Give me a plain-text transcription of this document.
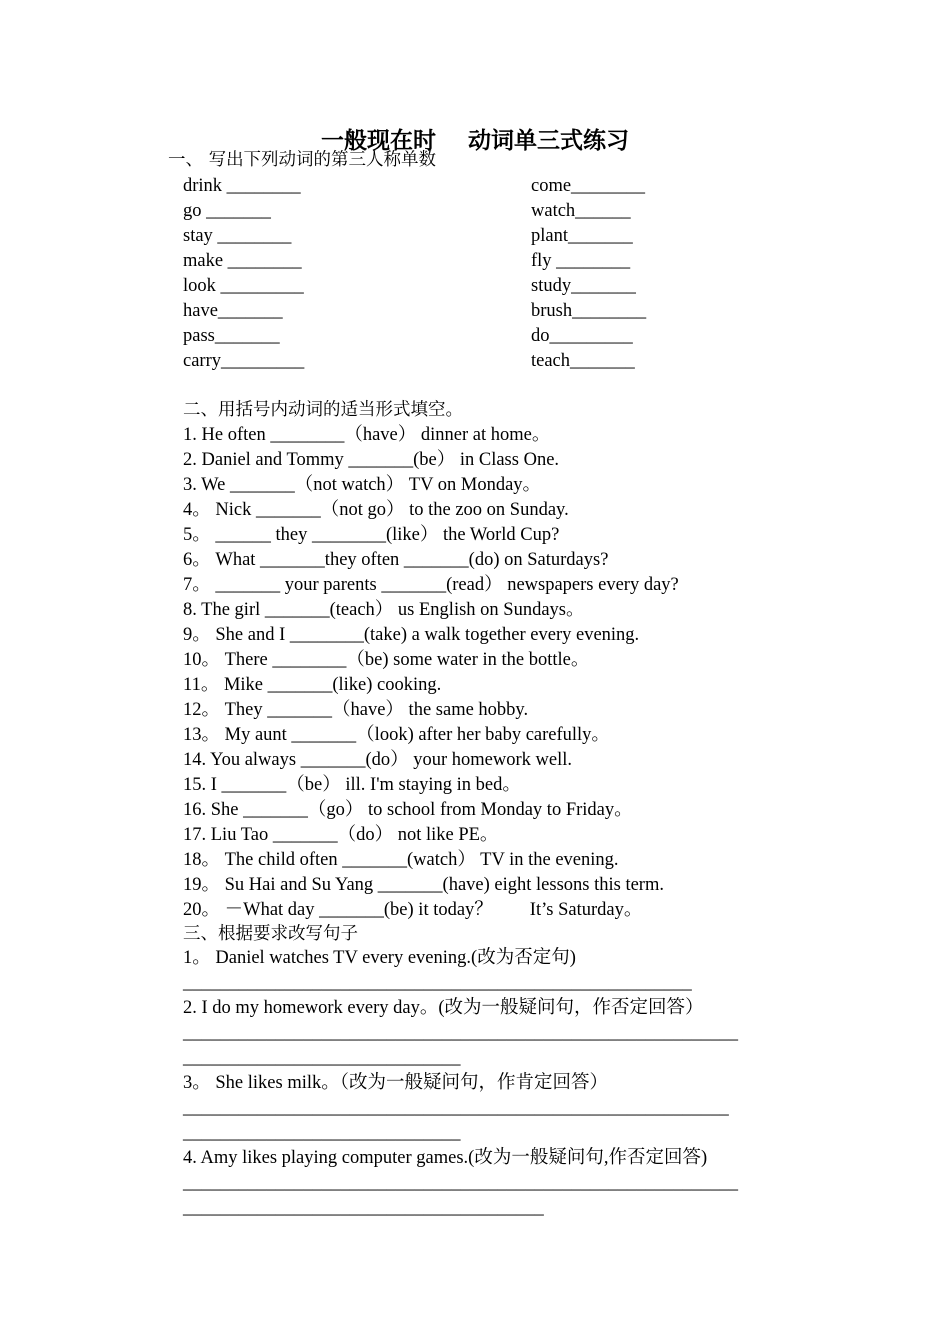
一般现在时    动词单三式练习
一、 写出下列动词的第三人称单数
drink ________
go _______
stay ________
make ________
look _________
have_______
pass_______
carry_________
come________
watch______
plant_______
fly ________
study_______
brush________
do_________
teach_______
二、用括号内动词的适当形式填空。
1. He often ________（have） dinner at home。
2. Daniel and Tommy _______(be） in Class One.
3. We _______（not watch） TV on Monday。
4。 Nick _______（not go） to the zoo on Sunday.
5。 ______ they ________(like） the World Cup?
6。 What _______they often _______(do) on Saturdays?
7。 _______ your parents _______(read） newspapers every day?
8. The girl _______(teach） us English on Sundays。
9。 She and I ________(take) a walk together every evening.
10。 There ________（be) some water in the bottle。
11。 Mike _______(like) cooking.
12。 They _______（have） the same hobby.
13。 My aunt _______（look) after her baby carefully。
14. You always _______(do） your homework well.
15. I _______（be） ill. I'm staying in bed。
16. She _______（go） to school from Monday to Friday。
17. Liu Tao _______（do） not like PE。
18。 The child often _______(watch） TV in the evening.
19。 Su Hai and Su Yang _______(have) eight lessons this term.
20。 －What day _______(be) it today？        It’s Saturday。
三、根据要求改写句子
1。 Daniel watches TV every evening.(改为否定句)
_______________________________________________________
2. I do my homework every day。(改为一般疑问句，作否定回答）
____________________________________________________________
______________________________
3。 She likes milk。（改为一般疑问句，作肯定回答）
___________________________________________________________
______________________________
4. Amy likes playing computer games.(改为一般疑问句,作否定回答)
____________________________________________________________
_______________________________________
